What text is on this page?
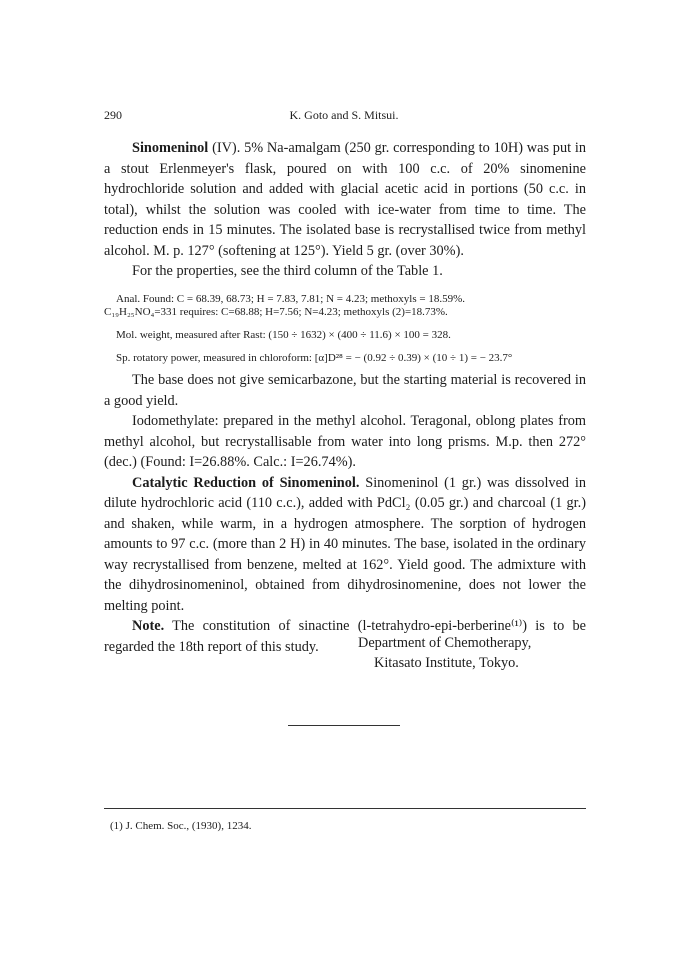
290	K. Goto and S. Mitsui.

Sinomeninol (IV). 5% Na-amalgam (250 gr. corresponding to 10H) was put in a stout Erlenmeyer's flask, poured on with 100 c.c. of 20% sinomenine hydrochloride solution and added with glacial acetic acid in portions (50 c.c. in total), whilst the solution was cooled with ice-water from time to time. The reduction ends in 15 minutes. The isolated base is recrystallised twice from methyl alcohol. M. p. 127° (softening at 125°). Yield 5 gr. (over 30%).

For the properties, see the third column of the Table 1.

Anal. Found: C = 68.39, 68.73; H = 7.83, 7.81; N = 4.23; methoxyls = 18.59%.

C₁₉H₂₅NO₄=331 requires: C=68.88; H=7.56; N=4.23; methoxyls (2)=18.73%.

Mol. weight, measured after Rast: (150 ÷ 1632) × (400 ÷ 11.6) × 100 = 328.

Sp. rotatory power, measured in chloroform: [α]D²⁸ = − (0.92 ÷ 0.39) × (10 ÷ 1) = − 23.7°

The base does not give semicarbazone, but the starting material is recovered in a good yield.

Iodomethylate: prepared in the methyl alcohol. Teragonal, oblong plates from methyl alcohol, but recrystallisable from water into long prisms. M.p. then 272° (dec.) (Found: I=26.88%. Calc.: I=26.74%).

Catalytic Reduction of Sinomeninol. Sinomeninol (1 gr.) was dissolved in dilute hydrochloric acid (110 c.c.), added with PdCl₂ (0.05 gr.) and charcoal (1 gr.) and shaken, while warm, in a hydrogen atmosphere. The sorption of hydrogen amounts to 97 c.c. (more than 2 H) in 40 minutes. The base, isolated in the ordinary way recrystallised from benzene, melted at 162°. Yield good. The admixture with the dihydrosinomeninol, obtained from dihydrosinomenine, does not lower the melting point.

Note. The constitution of sinactine (l-tetrahydro-epi-berberine⁽¹⁾) is to be regarded the 18th report of this study.	Department of Chemotherapy,
Kitasato Institute, Tokyo.
(1) J. Chem. Soc., (1930), 1234.
